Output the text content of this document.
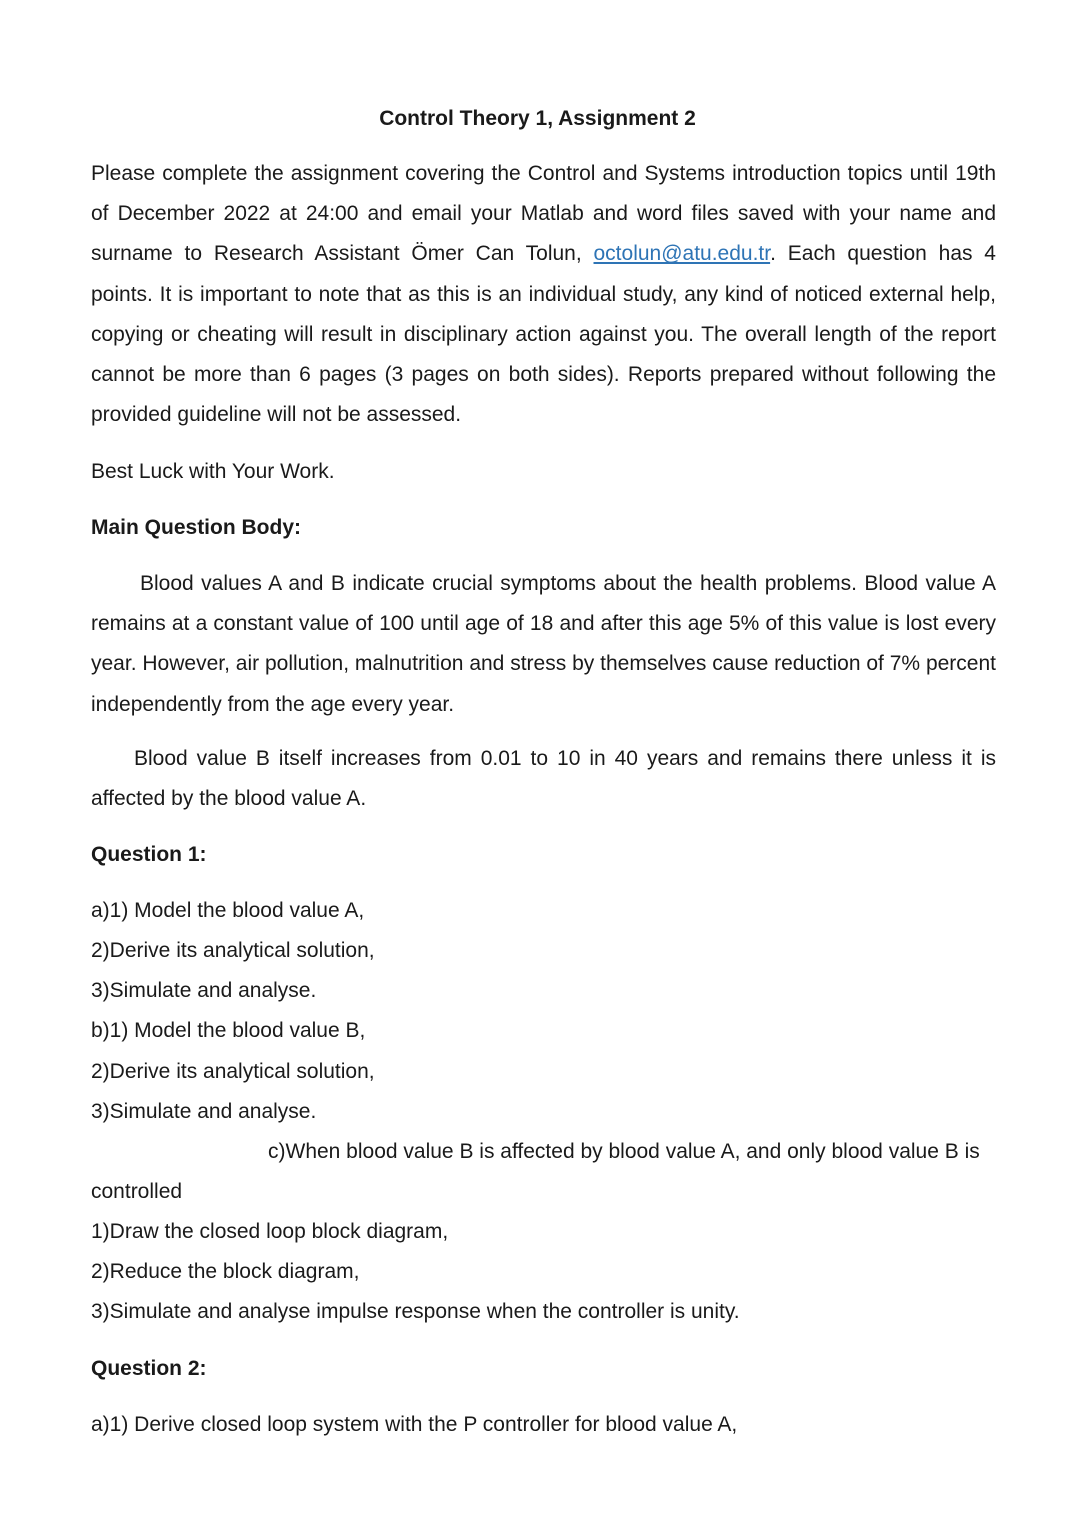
Control Theory 1, Assignment 2

Please complete the assignment covering the Control and Systems introduction topics until 19th of December 2022 at 24:00 and email your Matlab and word files saved with your name and surname to Research Assistant Ömer Can Tolun, octolun@atu.edu.tr. Each question has 4 points. It is important to note that as this is an individual study, any kind of noticed external help, copying or cheating will result in disciplinary action against you. The overall length of the report cannot be more than 6 pages (3 pages on both sides). Reports prepared without following the provided guideline will not be assessed.

Best Luck with Your Work.

Main Question Body:

Blood values A and B indicate crucial symptoms about the health problems. Blood value A remains at a constant value of 100 until age of 18 and after this age 5% of this value is lost every year. However, air pollution, malnutrition and stress by themselves cause reduction of 7% percent independently from the age every year.

Blood value B itself increases from 0.01 to 10 in 40 years and remains there unless it is affected by the blood value A.

Question 1:

a)1) Model the blood value A,

2)Derive its analytical solution,

3)Simulate and analyse.

b)1) Model the blood value B,

2)Derive its analytical solution,

3)Simulate and analyse.

c)When blood value B is affected by blood value A, and only blood value B is

controlled

1)Draw the closed loop block diagram,

2)Reduce the block diagram,

3)Simulate and analyse impulse response when the controller is unity.

Question 2:

a)1) Derive closed loop system with the P controller for blood value A,
